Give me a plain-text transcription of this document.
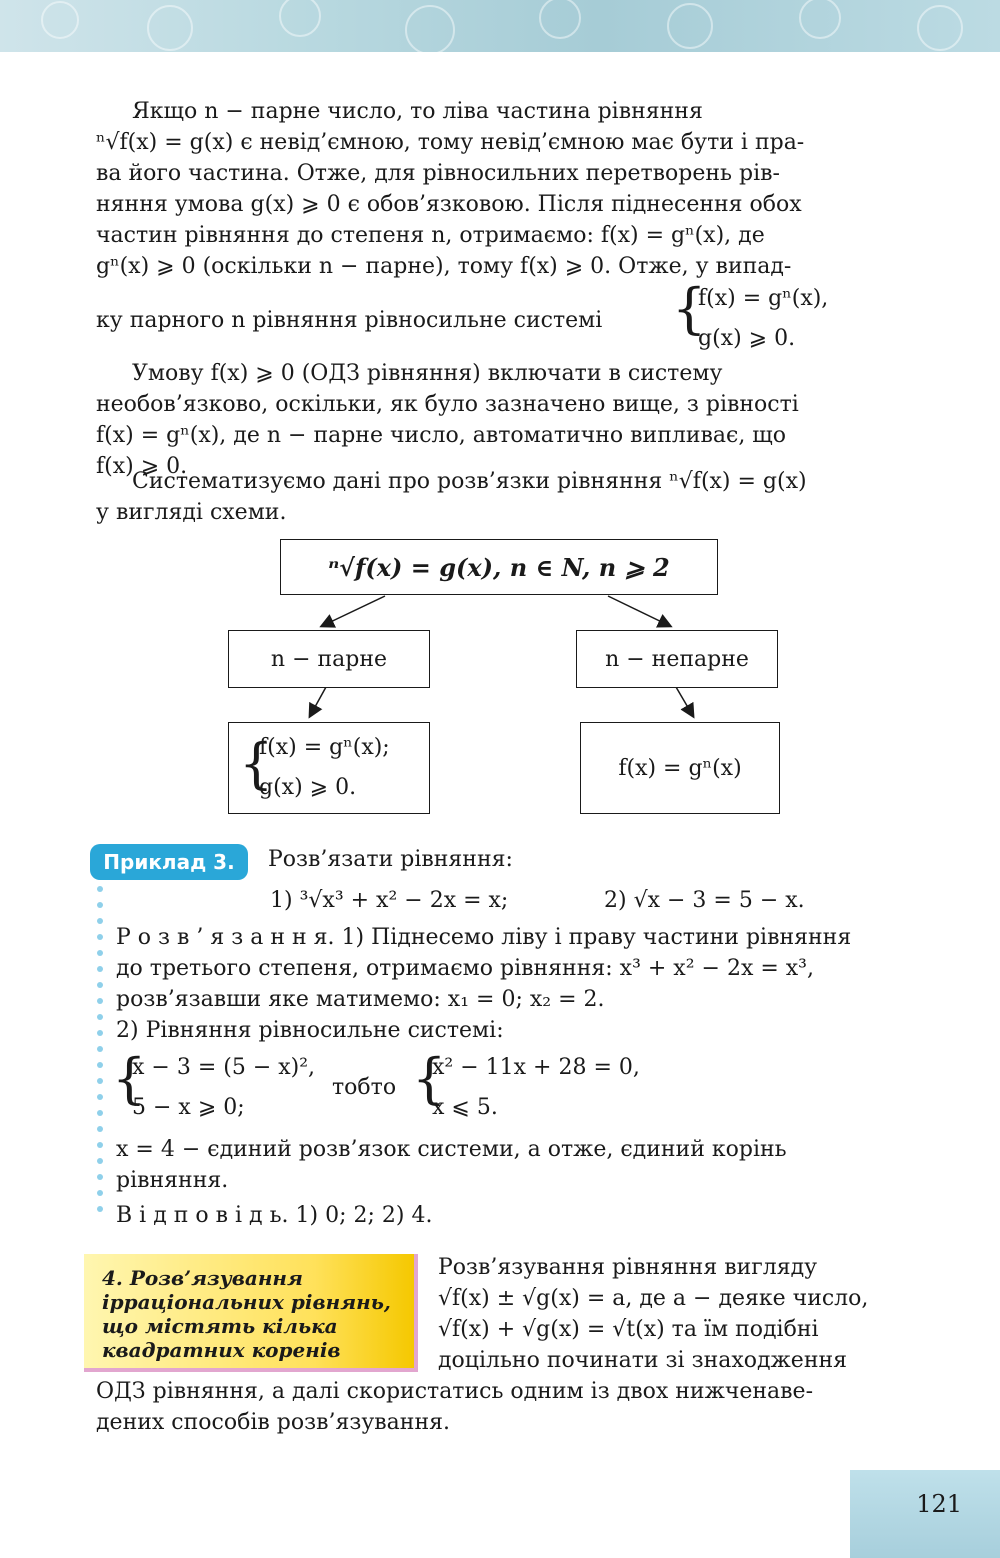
Якщо n − парне число, то ліва частина рівняння

ⁿ√f(x) = g(x) є невід’ємною, тому невід’ємною має бути і пра-

ва його частина. Отже, для рівносильних перетворень рів-

няння умова g(x) ⩾ 0 є обов’язковою. Після піднесення обох

частин рівняння до степеня n, отримаємо: f(x) = gⁿ(x), де

gⁿ(x) ⩾ 0 (оскільки n − парне), тому f(x) ⩾ 0. Отже, у випад-

ку парного n рівняння рівносильне системі {
f(x) = gⁿ(x),
g(x) ⩾ 0.

Умову f(x) ⩾ 0 (ОДЗ рівняння) включати в систему

необов’язково, оскільки, як було зазначено вище, з рівності

f(x) = gⁿ(x), де n − парне число, автоматично випливає, що

f(x) ⩾ 0.

Систематизуємо дані про розв’язки рівняння ⁿ√f(x) = g(x)

у вигляді схеми.

ⁿ√f(x) = g(x), n ∈ N, n ⩾ 2
n − парне	n − непарне
{
f(x) = gⁿ(x);
g(x) ⩾ 0.
f(x) = gⁿ(x)
Приклад 3.	Розв’язати рівняння:
1) ³√x³ + x² − 2x = x;	2) √x − 3 = 5 − x.

Р о з в ’ я з а н н я. 1) Піднесемо ліву і праву частини рівняння

до третього степеня, отримаємо рівняння: x³ + x² − 2x = x³,

розв’язавши яке матимемо: x₁ = 0; x₂ = 2.

2) Рівняння рівносильне системі:

{
x − 3 = (5 − x)²,
5 − x ⩾ 0;
тобто {
x² − 11x + 28 = 0,
x ⩽ 5.

x = 4 − єдиний розв’язок системи, а отже, єдиний корінь

рівняння.

В і д п о в і д ь. 1) 0; 2; 2) 4.

4. Розв’язування
ірраціональних рівнянь,
що містять кілька
квадратних коренів

Розв’язування рівняння вигляду

√f(x) ± √g(x) = a, де a − деяке число,

√f(x) + √g(x) = √t(x) та їм подібні

доцільно починати зі знаходження

ОДЗ рівняння, а далі скористатись одним із двох нижченаве-

дених способів розв’язування.

121
